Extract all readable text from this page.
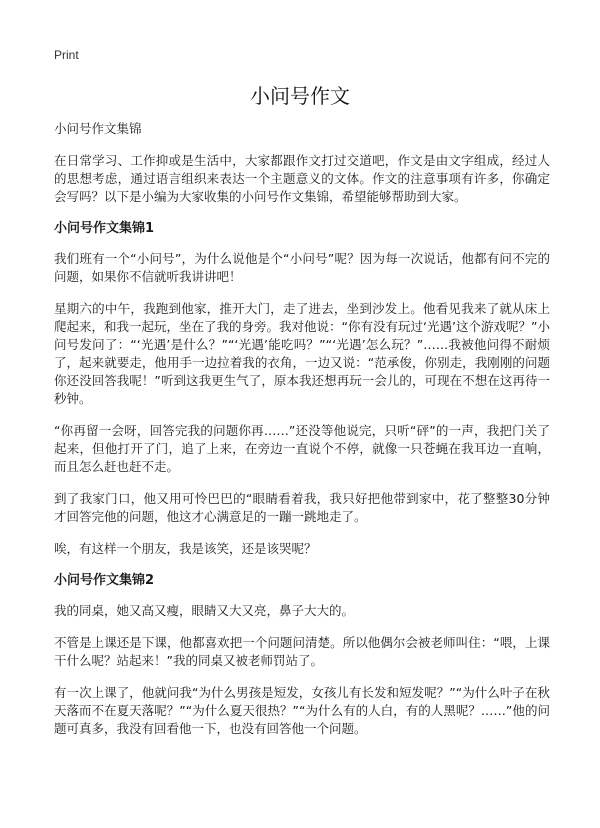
Print
小问号作文

小问号作文集锦

在日常学习、工作抑或是生活中，大家都跟作文打过交道吧，作文是由文字组成，经过人的思想考虑，通过语言组织来表达一个主题意义的文体。作文的注意事项有许多，你确定会写吗？以下是小编为大家收集的小问号作文集锦，希望能够帮助到大家。

小问号作文集锦1

我们班有一个“小问号”，为什么说他是个“小问号”呢？因为每一次说话，他都有问不完的问题，如果你不信就听我讲讲吧！

星期六的中午，我跑到他家，推开大门，走了进去，坐到沙发上。他看见我来了就从床上爬起来，和我一起玩，坐在了我的身旁。我对他说：“你有没有玩过‘光遇’这个游戏呢？”小问号发问了：“‘光遇’是什么？”“‘光遇’能吃吗？”“‘光遇’怎么玩？”……我被他问得不耐烦了，起来就要走，他用手一边拉着我的衣角，一边又说：“范承俊，你别走，我刚刚的问题你还没回答我呢！”听到这我更生气了，原本我还想再玩一会儿的，可现在不想在这再待一秒钟。

“你再留一会呀，回答完我的问题你再……”还没等他说完，只听“砰”的一声，我把门关了起来，但他打开了门，追了上来，在旁边一直说个不停，就像一只苍蝇在我耳边一直响，而且怎么赶也赶不走。

到了我家门口，他又用可怜巴巴的“眼睛看着我，我只好把他带到家中，花了整整30分钟才回答完他的问题，他这才心满意足的一蹦一跳地走了。

唉，有这样一个朋友，我是该笑，还是该哭呢？

小问号作文集锦2

我的同桌，她又高又瘦，眼睛又大又亮，鼻子大大的。

不管是上课还是下课，他都喜欢把一个问题问清楚。所以他偶尔会被老师叫住：“喂，上课干什么呢？站起来！”我的同桌又被老师罚站了。

有一次上课了，他就问我“为什么男孩是短发，女孩儿有长发和短发呢？”“为什么叶子在秋天落而不在夏天落呢？”“为什么夏天很热？”“为什么有的人白，有的人黑呢？……”他的问题可真多，我没有回看他一下，也没有回答他一个问题。
